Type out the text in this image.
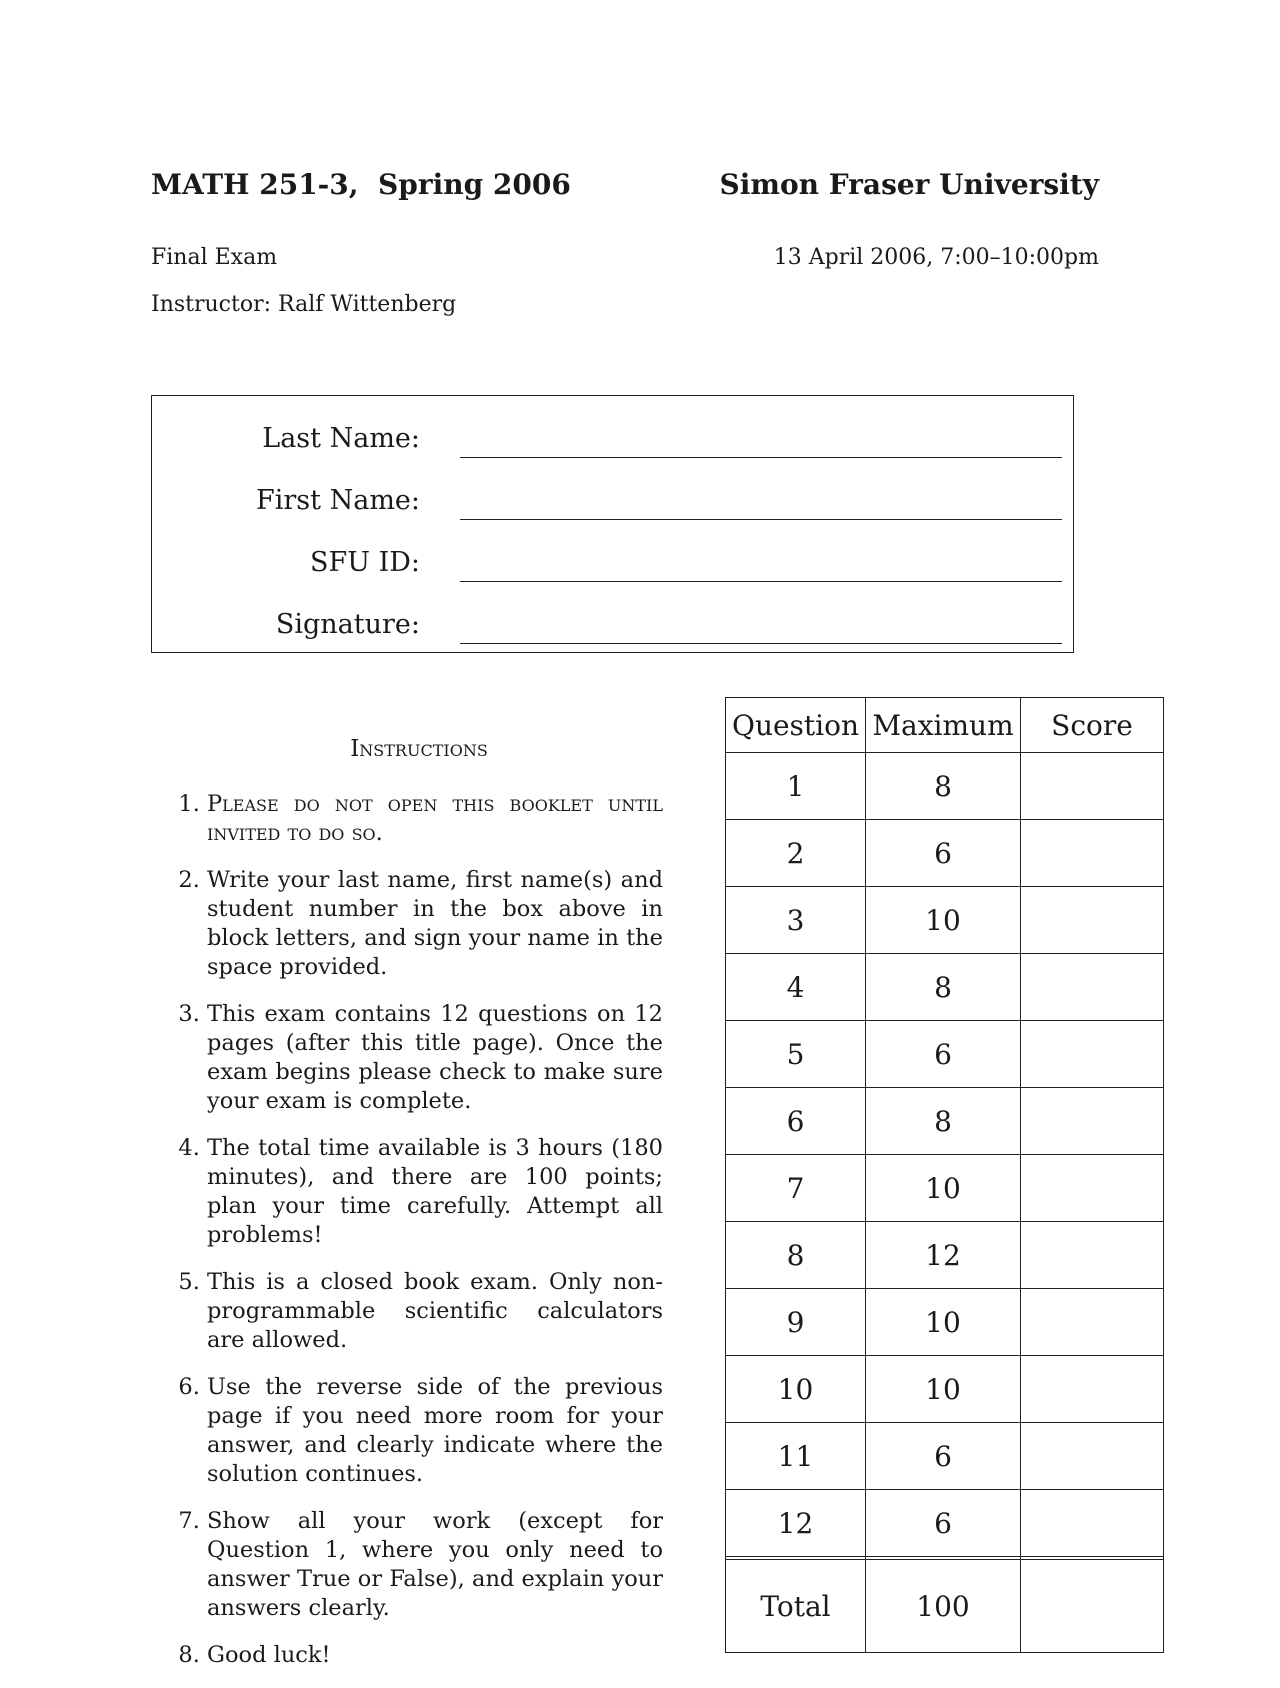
MATH 251-3,  Spring 2006	Simon Fraser University
Final Exam	13 April 2006, 7:00–10:00pm
Instructor: Ralf Wittenberg
Last Name:
First Name:
SFU ID:
Signature:
Instructions
1. Please do not open this booklet until invited to do so.
2. Write your last name, first name(s) and student number in the box above in block letters, and sign your name in the space provided.
3. This exam contains 12 questions on 12 pages (after this title page). Once the exam begins please check to make sure your exam is complete.
4. The total time available is 3 hours (180 minutes), and there are 100 points; plan your time carefully. Attempt all problems!
5. This is a closed book exam. Only non-programmable scientific calculators are allowed.
6. Use the reverse side of the previous page if you need more room for your answer, and clearly indicate where the solution continues.
7. Show all your work (except for Question 1, where you only need to answer True or False), and explain your answers clearly.
8. Good luck!
Question	Maximum	Score
1	8	
2	6	
3	10	
4	8	
5	6	
6	8	
7	10	
8	12	
9	10	
10	10	
11	6	
12	6	

Total	100	
